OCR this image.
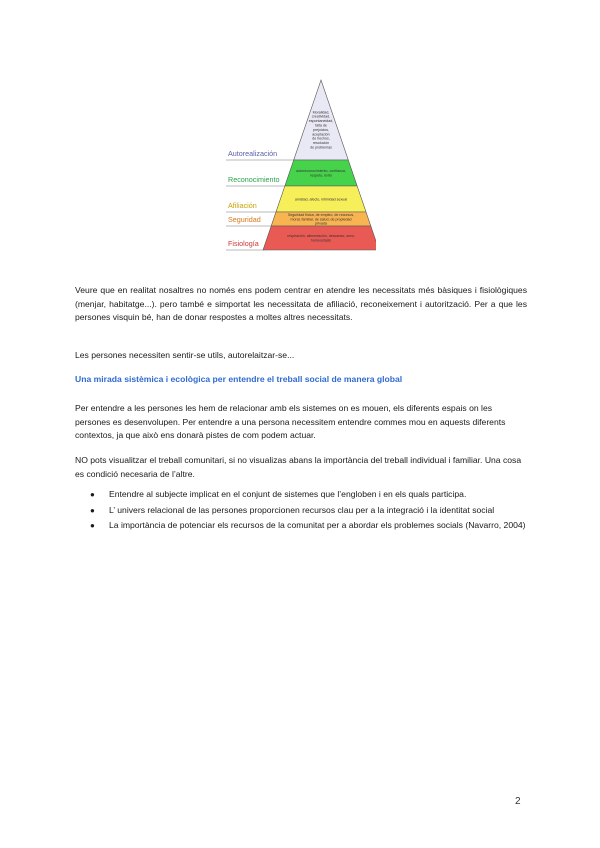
Autorealización
Moralidad, creatividad, espontaneidad, falta de prejuicios, aceptación de hechos, resolución de problemas
Reconocimiento
autoreconocimiento, confianza, respeto, éxito
Afiliación
amistad, afecto, intimidad sexual
Seguridad
Seguridad física, de empleo, de recursos, moral, familiar, de salud, de propiedad privada
Fisiología
respiración, alimentación, descanso, sexo, homeostasis

Veure que en realitat nosaltres no només ens podem centrar en atendre les necessitats més bàsiques i fisiològiques (menjar, habitatge...). pero també e simportat les necessitata de afiliació, reconeixement i autorització. Per a que les persones visquin bé, han de donar respostes a moltes altres necessitats.

Les persones necessiten sentir-se utils, autorelaitzar-se...

Una mirada sistèmica i ecològica per entendre el treball social de manera global

Per entendre a les persones les hem de relacionar amb els sistemes on es mouen, els diferents espais on les persones es desenvolupen. Per entendre a una persona necessitem entendre commes mou en aquests diferents contextos, ja que això ens donarà pistes de com podem actuar.

NO pots visualitzar el treball comunitari, si no visualizas abans la importància del treball individual i familiar. Una cosa es condició necesaria de l’altre.

● Entendre al subjecte implicat en el conjunt de sistemes que l’engloben i en els quals participa.
● L’ univers relacional de las persones proporcionen recursos clau per a la integració i la identitat social
● La importància de potenciar els recursos de la comunitat per a abordar els problemes socials (Navarro, 2004)
2
